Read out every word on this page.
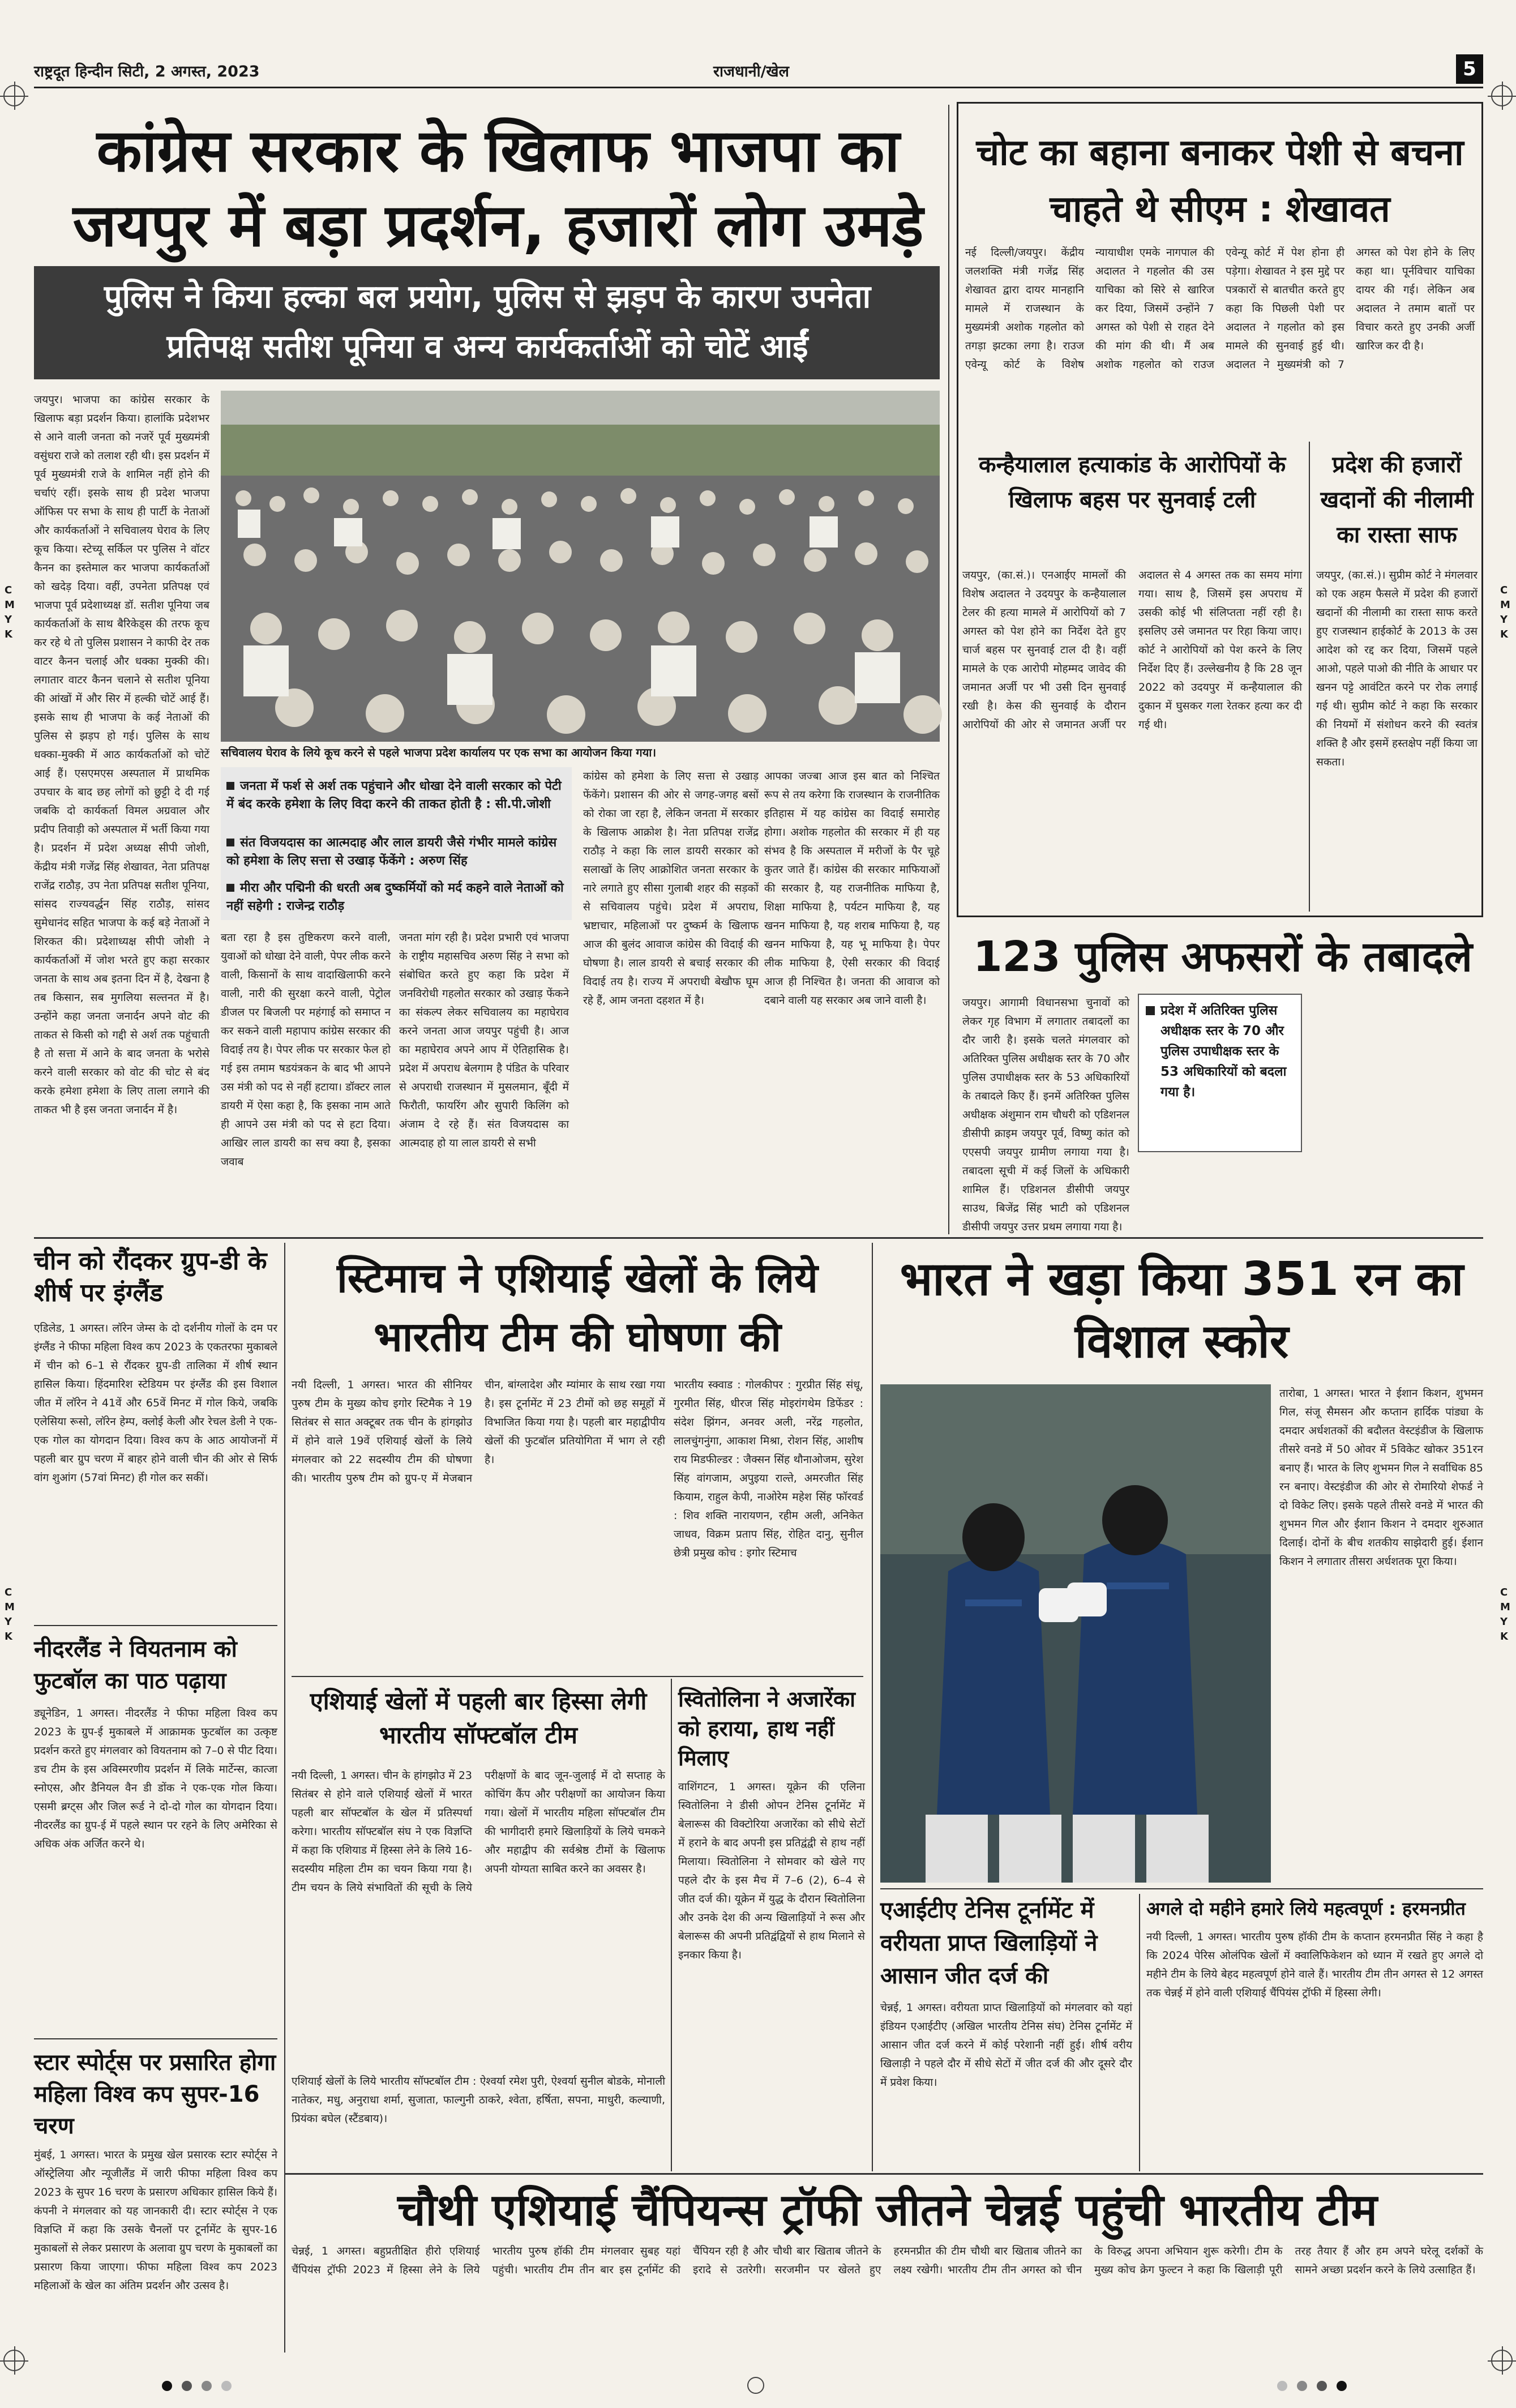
C
M
Y
K
C
M
Y
K
C
M
Y
K
C
M
Y
K
राष्ट्रदूत हिन्दीन सिटी, 2 अगस्त, 2023	राजधानी/खेल	5
कांग्रेस सरकार के खिलाफ भाजपा का जयपुर में बड़ा प्रदर्शन, हजारों लोग उमड़े
पुलिस ने किया हल्का बल प्रयोग, पुलिस से झड़प के कारण उपनेता
प्रतिपक्ष सतीश पूनिया व अन्य कार्यकर्ताओं को चोटें आईं
जयपुर। भाजपा का कांग्रेस सरकार के खिलाफ बड़ा प्रदर्शन किया। हालांकि प्रदेशभर से आने वाली जनता को नजरें पूर्व मुख्यमंत्री वसुंधरा राजे को तलाश रही थी। इस प्रदर्शन में पूर्व मुख्यमंत्री राजे के शामिल नहीं होने की चर्चाएं रहीं। इसके साथ ही प्रदेश भाजपा ऑफिस पर सभा के साथ ही पार्टी के नेताओं और कार्यकर्ताओं ने सचिवालय घेराव के लिए कूच किया। स्टेच्यू सर्किल पर पुलिस ने वॉटर कैनन का इस्तेमाल कर भाजपा कार्यकर्ताओं को खदेड़ दिया। वहीं, उपनेता प्रतिपक्ष एवं भाजपा पूर्व प्रदेशाध्यक्ष डॉ. सतीश पूनिया जब कार्यकर्ताओं के साथ बैरिकेड्स की तरफ कूच कर रहे थे तो पुलिस प्रशासन ने काफी देर तक वाटर कैनन चलाई और धक्का मुक्की की। लगातार वाटर कैनन चलाने से सतीश पूनिया की आंखों में और सिर में हल्की चोटें आई हैं। इसके साथ ही भाजपा के कई नेताओं की पुलिस से झड़प हो गई। पुलिस के साथ धक्का-मुक्की में आठ कार्यकर्ताओं को चोटें आई हैं। एसएमएस अस्पताल में प्राथमिक उपचार के बाद छह लोगों को छुट्टी दे दी गई जबकि दो कार्यकर्ता विमल अग्रवाल और प्रदीप तिवाड़ी को अस्पताल में भर्ती किया गया है। प्रदर्शन में प्रदेश अध्यक्ष सीपी जोशी, केंद्रीय मंत्री गजेंद्र सिंह शेखावत, नेता प्रतिपक्ष राजेंद्र राठौड़, उप नेता प्रतिपक्ष सतीश पूनिया, सांसद राज्यवर्द्धन सिंह राठौड़, सांसद सुमेधानंद सहित भाजपा के कई बड़े नेताओं ने शिरकत की। प्रदेशाध्यक्ष सीपी जोशी ने कार्यकर्ताओं में जोश भरते हुए कहा सरकार जनता के साथ अब इतना दिन में है, देखना है तब किसान, सब मुगलिया सल्तनत में है। उन्होंने कहा जनता जनार्दन अपने वोट की ताकत से किसी को गद्दी से अर्श तक पहुंचाती है तो सत्ता में आने के बाद जनता के भरोसे करने वाली सरकार को वोट की चोट से बंद करके हमेशा हमेशा के लिए ताला लगाने की ताकत भी है इस जनता जनार्दन में है।
सचिवालय घेराव के लिये कूच करने से पहले भाजपा प्रदेश कार्यालय पर एक सभा का आयोजन किया गया।
जनता में फर्श से अर्श तक पहुंचाने और धोखा देने वाली सरकार को पेटी में बंद करके हमेशा के लिए विदा करने की ताकत होती है : सी.पी.जोशी
संत विजयदास का आत्मदाह और लाल डायरी जैसे गंभीर मामले कांग्रेस को हमेशा के लिए सत्ता से उखाड़ फेंकेंगे : अरुण सिंह
मीरा और पद्मिनी की धरती अब दुष्कर्मियों को मर्द कहने वाले नेताओं को नहीं सहेगी : राजेन्द्र राठौड़
कांग्रेस को हमेशा के लिए सत्ता से उखाड़ फेंकेंगे। प्रशासन की ओर से जगह-जगह बसों को रोका जा रहा है, लेकिन जनता में सरकार के खिलाफ आक्रोश है। नेता प्रतिपक्ष राजेंद्र राठौड़ ने कहा कि लाल डायरी सरकार को सलाखों के लिए आक्रोशित जनता सरकार के नारे लगाते हुए सीसा गुलाबी शहर की सड़कों से सचिवालय पहुंचे। प्रदेश में अपराध, भ्रष्टाचार, महिलाओं पर दुष्कर्म के खिलाफ आज की बुलंद आवाज कांग्रेस की विदाई की घोषणा है। लाल डायरी से बचाई सरकार की विदाई तय है। राज्य में अपराधी बेखौफ घूम रहे हैं, आम जनता दहशत में है।
आपका जज्बा आज इस बात को निश्चित रूप से तय करेगा कि राजस्थान के राजनीतिक इतिहास में यह कांग्रेस का विदाई समारोह होगा। अशोक गहलोत की सरकार में ही यह संभव है कि अस्पताल में मरीजों के पैर चूहे कुतर जाते हैं। कांग्रेस की सरकार माफियाओं की सरकार है, यह राजनीतिक माफिया है, शिक्षा माफिया है, पर्यटन माफिया है, यह खनन माफिया है, यह शराब माफिया है, यह खनन माफिया है, यह भू माफिया है। पेपर लीक माफिया है, ऐसी सरकार की विदाई आज ही निश्चित है। जनता की आवाज को दबाने वाली यह सरकार अब जाने वाली है।
बता रहा है इस तुष्टिकरण करने वाली, युवाओं को धोखा देने वाली, पेपर लीक करने वाली, किसानों के साथ वादाखिलाफी करने वाली, नारी की सुरक्षा करने वाली, पेट्रोल डीजल पर बिजली पर महंगाई को समाप्त न कर सकने वाली महापाप कांग्रेस सरकार की विदाई तय है। पेपर लीक पर सरकार फेल हो गई इस तमाम षडयंत्रकन के बाद भी आपने उस मंत्री को पद से नहीं हटाया। डॉक्टर लाल डायरी में ऐसा कहा है, कि इसका नाम आते ही आपने उस मंत्री को पद से हटा दिया। आखिर लाल डायरी का सच क्या है, इसका जवाब
जनता मांग रही है। प्रदेश प्रभारी एवं भाजपा के राष्ट्रीय महासचिव अरुण सिंह ने सभा को संबोधित करते हुए कहा कि प्रदेश में जनविरोधी गहलोत सरकार को उखाड़ फेंकने का संकल्प लेकर सचिवालय का महाघेराव करने जनता आज जयपुर पहुंची है। आज का महाघेराव अपने आप में ऐतिहासिक है। प्रदेश में अपराध बेलगाम है पंडित के परिवार से अपराधी राजस्थान में मुसलमान, बूँदी में फिरौती, फायरिंग और सुपारी किलिंग को अंजाम दे रहे हैं। संत विजयदास का आत्मदाह हो या लाल डायरी से सभी
चोट का बहाना बनाकर पेशी से बचना चाहते थे सीएम : शेखावत
नई दिल्ली/जयपुर। केंद्रीय जलशक्ति मंत्री गजेंद्र सिंह शेखावत द्वारा दायर मानहानि मामले में राजस्थान के मुख्यमंत्री अशोक गहलोत को तगड़ा झटका लगा है। राउज एवेन्यू कोर्ट के विशेष न्यायाधीश एमके नागपाल की अदालत ने गहलोत की उस याचिका को सिरे से खारिज कर दिया, जिसमें उन्होंने 7 अगस्त को पेशी से राहत देने की मांग की थी। मैं अब अशोक गहलोत को राउज एवेन्यू कोर्ट में पेश होना ही पड़ेगा। शेखावत ने इस मुद्दे पर पत्रकारों से बातचीत करते हुए कहा कि पिछली पेशी पर अदालत ने गहलोत को इस मामले की सुनवाई हुई थी। अदालत ने मुख्यमंत्री को 7 अगस्त को पेश होने के लिए कहा था। पूर्नविचार याचिका दायर की गई। लेकिन अब अदालत ने तमाम बातों पर विचार करते हुए उनकी अर्जी खारिज कर दी है।
कन्हैयालाल हत्याकांड के आरोपियों के खिलाफ बहस पर सुनवाई टली
जयपुर, (का.सं.)। एनआईए मामलों की विशेष अदालत ने उदयपुर के कन्हैयालाल टेलर की हत्या मामले में आरोपियों को 7 अगस्त को पेश होने का निर्देश देते हुए चार्ज बहस पर सुनवाई टाल दी है। वहीं मामले के एक आरोपी मोहम्मद जावेद की जमानत अर्जी पर भी उसी दिन सुनवाई रखी है। केस की सुनवाई के दौरान आरोपियों की ओर से जमानत अर्जी पर अदालत से 4 अगस्त तक का समय मांगा गया। साथ है, जिसमें इस अपराध में उसकी कोई भी संलिप्तता नहीं रही है। इसलिए उसे जमानत पर रिहा किया जाए। कोर्ट ने आरोपियों को पेश करने के लिए निर्देश दिए हैं। उल्लेखनीय है कि 28 जून 2022 को उदयपुर में कन्हैयालाल की दुकान में घुसकर गला रेतकर हत्या कर दी गई थी।
प्रदेश की हजारों खदानों की नीलामी का रास्ता साफ
जयपुर, (का.सं.)। सुप्रीम कोर्ट ने मंगलवार को एक अहम फैसले में प्रदेश की हजारों खदानों की नीलामी का रास्ता साफ करते हुए राजस्थान हाईकोर्ट के 2013 के उस आदेश को रद्द कर दिया, जिसमें पहले आओ, पहले पाओ की नीति के आधार पर खनन पट्टे आवंटित करने पर रोक लगाई गई थी। सुप्रीम कोर्ट ने कहा कि सरकार की नियमों में संशोधन करने की स्वतंत्र शक्ति है और इसमें हस्तक्षेप नहीं किया जा सकता।
123 पुलिस अफसरों के तबादले
प्रदेश में अतिरिक्त पुलिस अधीक्षक स्तर के 70 और पुलिस उपाधीक्षक स्तर के 53 अधिकारियों को बदला गया है।
जयपुर। आगामी विधानसभा चुनावों को लेकर गृह विभाग में लगातार तबादलों का दौर जारी है। इसके चलते मंगलवार को अतिरिक्त पुलिस अधीक्षक स्तर के 70 और पुलिस उपाधीक्षक स्तर के 53 अधिकारियों के तबादले किए हैं। इनमें अतिरिक्त पुलिस अधीक्षक अंशुमान राम चौधरी को एडिशनल डीसीपी क्राइम जयपुर पूर्व, विष्णु कांत को एएसपी जयपुर ग्रामीण लगाया गया है। तबादला सूची में कई जिलों के अधिकारी शामिल हैं। एडिशनल डीसीपी जयपुर साउथ, बिजेंद्र सिंह भाटी को एडिशनल डीसीपी जयपुर उत्तर प्रथम लगाया गया है।
चीन को रौंदकर ग्रुप-डी के शीर्ष पर इंग्लैंड
एडिलेड, 1 अगस्त। लॉरेन जेम्स के दो दर्शनीय गोलों के दम पर इंग्लैंड ने फीफा महिला विश्व कप 2023 के एकतरफा मुकाबले में चीन को 6–1 से रौंदकर ग्रुप-डी तालिका में शीर्ष स्थान हासिल किया। हिंदमारिश स्टेडियम पर इंग्लैंड की इस विशाल जीत में लॉरेन ने 41वें और 65वें मिनट में गोल किये, जबकि एलेसिया रूसो, लॉरेन हेम्प, क्लोई केली और रेचल डेली ने एक-एक गोल का योगदान दिया। विश्व कप के आठ आयोजनों में पहली बार ग्रुप चरण में बाहर होने वाली चीन की ओर से सिर्फ वांग शुआंग (57वां मिनट) ही गोल कर सकीं।
नीदरलैंड ने वियतनाम को फुटबॉल का पाठ पढ़ाया
ड्यूनेडिन, 1 अगस्त। नीदरलैंड ने फीफा महिला विश्व कप 2023 के ग्रुप-ई मुकाबले में आक्रामक फुटबॉल का उत्कृष्ट प्रदर्शन करते हुए मंगलवार को वियतनाम को 7–0 से पीट दिया। डच टीम के इस अविस्मरणीय प्रदर्शन में लिके मार्टेन्स, कात्जा स्नोएस, और डैनियल वैन डी डोंक ने एक-एक गोल किया। एसमी ब्रग्ट्स और जिल रूर्ड ने दो-दो गोल का योगदान दिया। नीदरलैंड का ग्रुप-ई में पहले स्थान पर रहने के लिए अमेरिका से अधिक अंक अर्जित करने थे।
स्टार स्पोर्ट्स पर प्रसारित होगा महिला विश्व कप सुपर-16 चरण
मुंबई, 1 अगस्त। भारत के प्रमुख खेल प्रसारक स्टार स्पोर्ट्स ने ऑस्ट्रेलिया और न्यूजीलैंड में जारी फीफा महिला विश्व कप 2023 के सुपर 16 चरण के प्रसारण अधिकार हासिल किये हैं। कंपनी ने मंगलवार को यह जानकारी दी। स्टार स्पोर्ट्स ने एक विज्ञप्ति में कहा कि उसके चैनलों पर टूर्नामेंट के सुपर-16 मुकाबलों से लेकर प्रसारण के अलावा ग्रुप चरण के मुकाबलों का प्रसारण किया जाएगा। फीफा महिला विश्व कप 2023 महिलाओं के खेल का अंतिम प्रदर्शन और उत्सव है।
स्टिमाच ने एशियाई खेलों के लिये भारतीय टीम की घोषणा की
नयी दिल्ली, 1 अगस्त। भारत की सीनियर पुरुष टीम के मुख्य कोच इगोर स्टिमैक ने 19 सितंबर से सात अक्टूबर तक चीन के हांगझोउ में होने वाले 19वें एशियाई खेलों के लिये मंगलवार को 22 सदस्यीय टीम की घोषणा की। भारतीय पुरुष टीम को ग्रुप-ए में मेजबान चीन, बांग्लादेश और म्यांमार के साथ रखा गया है। इस टूर्नामेंट में 23 टीमों को छह समूहों में विभाजित किया गया है। पहली बार महाद्वीपीय खेलों की फुटबॉल प्रतियोगिता में भाग ले रही है।
भारतीय स्क्वाड : गोलकीपर : गुरप्रीत सिंह संधू, गुरमीत सिंह, धीरज सिंह मोइरांगथेम डिफेंडर : संदेश झिंगन, अनवर अली, नरेंद्र गहलोत, लालचुंगनुंगा, आकाश मिश्रा, रोशन सिंह, आशीष राय मिडफील्डर : जैक्सन सिंह थौनाओजम, सुरेश सिंह वांगजाम, अपुइया राल्ते, अमरजीत सिंह कियाम, राहुल केपी, नाओरेम महेश सिंह फॉरवर्ड : शिव शक्ति नारायणन, रहीम अली, अनिकेत जाधव, विक्रम प्रताप सिंह, रोहित दानु, सुनील छेत्री प्रमुख कोच : इगोर स्टिमाच
एशियाई खेलों में पहली बार हिस्सा लेगी भारतीय सॉफ्टबॉल टीम
नयी दिल्ली, 1 अगस्त। चीन के हांगझोउ में 23 सितंबर से होने वाले एशियाई खेलों में भारत पहली बार सॉफ्टबॉल के खेल में प्रतिस्पर्धा करेगा। भारतीय सॉफ्टबॉल संघ ने एक विज्ञप्ति में कहा कि एशियाड में हिस्सा लेने के लिये 16-सदस्यीय महिला टीम का चयन किया गया है। टीम चयन के लिये संभावितों की सूची के लिये परीक्षणों के बाद जून-जुलाई में दो सप्ताह के कोचिंग कैंप और परीक्षणों का आयोजन किया गया। खेलों में भारतीय महिला सॉफ्टबॉल टीम की भागीदारी हमारे खिलाड़ियों के लिये चमकने और महाद्वीप की सर्वश्रेष्ठ टीमों के खिलाफ अपनी योग्यता साबित करने का अवसर है।
एशियाई खेलों के लिये भारतीय सॉफ्टबॉल टीम : ऐश्वर्या रमेश पुरी, ऐश्वर्या सुनील बोडके, मोनाली नातेकर, मधु, अनुराधा शर्मा, सुजाता, फाल्गुनी ठाकरे, श्वेता, हर्षिता, सपना, माधुरी, कल्याणी, प्रियंका बघेल (स्टैंडबाय)।
स्वितोलिना ने अजारेंका को हराया, हाथ नहीं मिलाए
वाशिंगटन, 1 अगस्त। यूक्रेन की एलिना स्वितोलिना ने डीसी ओपन टेनिस टूर्नामेंट में बेलारूस की विक्टोरिया अजारेंका को सीधे सेटों में हराने के बाद अपनी इस प्रतिद्वंद्वी से हाथ नहीं मिलाया। स्वितोलिना ने सोमवार को खेले गए पहले दौर के इस मैच में 7–6 (2), 6–4 से जीत दर्ज की। यूक्रेन में युद्ध के दौरान स्वितोलिना और उनके देश की अन्य खिलाड़ियों ने रूस और बेलारूस की अपनी प्रतिद्वंद्वियों से हाथ मिलाने से इनकार किया है।
भारत ने खड़ा किया 351 रन का विशाल स्कोर
तारोबा, 1 अगस्त। भारत ने ईशान किशन, शुभमन गिल, संजू सैमसन और कप्तान हार्दिक पांड्या के दमदार अर्धशतकों की बदौलत वेस्टइंडीज के खिलाफ तीसरे वनडे में 50 ओवर में 5विकेट खोकर 351रन बनाए हैं। भारत के लिए शुभमन गिल ने सर्वाधिक 85 रन बनाए। वेस्टइंडीज की ओर से रोमारियो शेफर्ड ने दो विकेट लिए। इसके पहले तीसरे वनडे में भारत की शुभमन गिल और ईशान किशन ने दमदार शुरुआत दिलाई। दोनों के बीच शतकीय साझेदारी हुई। ईशान किशन ने लगातार तीसरा अर्धशतक पूरा किया।
एआईटीए टेनिस टूर्नामेंट में वरीयता प्राप्त खिलाड़ियों ने आसान जीत दर्ज की
चेन्नई, 1 अगस्त। वरीयता प्राप्त खिलाड़ियों को मंगलवार को यहां इंडियन एआईटीए (अखिल भारतीय टेनिस संघ) टेनिस टूर्नामेंट में आसान जीत दर्ज करने में कोई परेशानी नहीं हुई। शीर्ष वरीय खिलाड़ी ने पहले दौर में सीधे सेटों में जीत दर्ज की और दूसरे दौर में प्रवेश किया।
अगले दो महीने हमारे लिये महत्वपूर्ण : हरमनप्रीत
नयी दिल्ली, 1 अगस्त। भारतीय पुरुष हॉकी टीम के कप्तान हरमनप्रीत सिंह ने कहा है कि 2024 पेरिस ओलंपिक खेलों में क्वालिफिकेशन को ध्यान में रखते हुए अगले दो महीने टीम के लिये बेहद महत्वपूर्ण होने वाले हैं। भारतीय टीम तीन अगस्त से 12 अगस्त तक चेन्नई में होने वाली एशियाई चैंपियंस ट्रॉफी में हिस्सा लेगी।
चौथी एशियाई चैंपियन्स ट्रॉफी जीतने चेन्नई पहुंची भारतीय टीम
चेन्नई, 1 अगस्त। बहुप्रतीक्षित हीरो एशियाई चैंपियंस ट्रॉफी 2023 में हिस्सा लेने के लिये भारतीय पुरुष हॉकी टीम मंगलवार सुबह यहां पहुंची। भारतीय टीम तीन बार इस टूर्नामेंट की चैंपियन रही है और चौथी बार खिताब जीतने के इरादे से उतरेगी। सरजमीन पर खेलते हुए हरमनप्रीत की टीम चौथी बार खिताब जीतने का लक्ष्य रखेगी। भारतीय टीम तीन अगस्त को चीन के विरुद्ध अपना अभियान शुरू करेगी। टीम के मुख्य कोच क्रेग फुल्टन ने कहा कि खिलाड़ी पूरी तरह तैयार हैं और हम अपने घरेलू दर्शकों के सामने अच्छा प्रदर्शन करने के लिये उत्साहित हैं।
